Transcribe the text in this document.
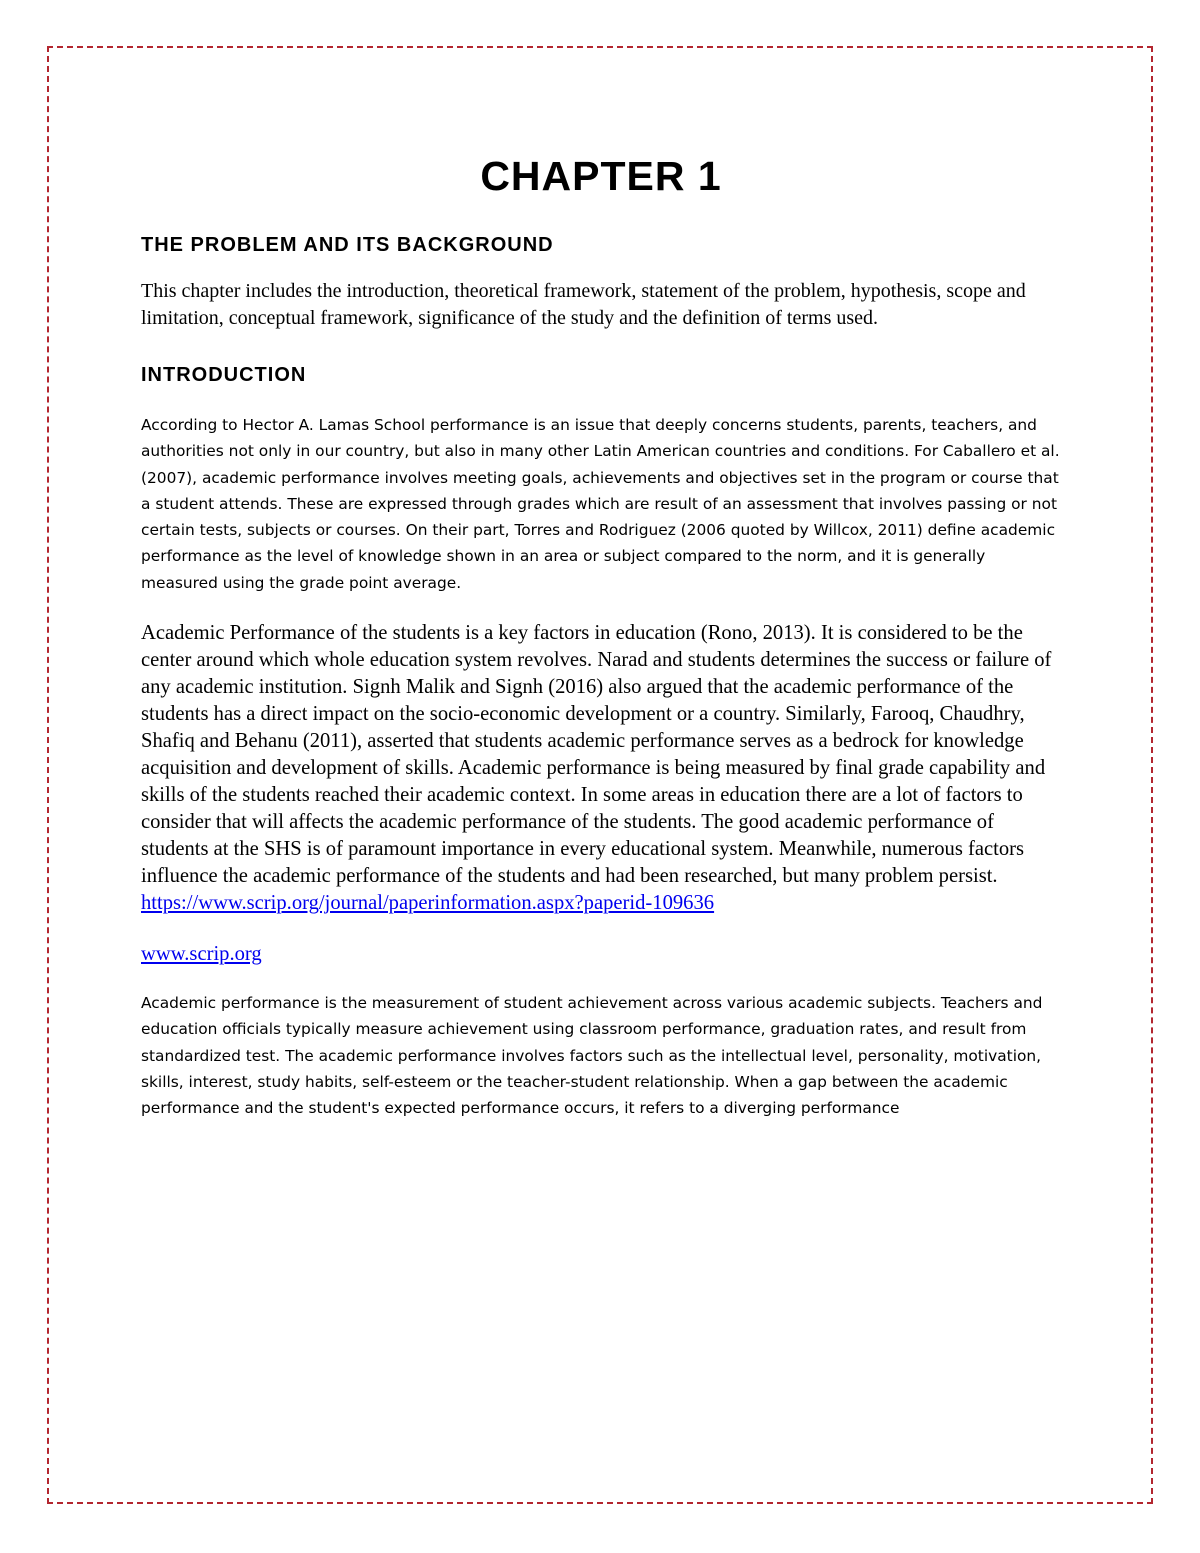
CHAPTER 1
THE PROBLEM AND ITS BACKGROUND

This chapter includes the introduction, theoretical framework, statement of the problem, hypothesis, scope and limitation, conceptual framework, significance of the study and the definition of terms used.

INTRODUCTION

According to Hector A. Lamas School performance is an issue that deeply concerns students, parents, teachers, and authorities not only in our country, but also in many other Latin American countries and conditions. For Caballero et al. (2007), academic performance involves meeting goals, achievements and objectives set in the program or course that a student attends. These are expressed through grades which are result of an assessment that involves passing or not certain tests, subjects or courses. On their part, Torres and Rodriguez (2006 quoted by Willcox, 2011) define academic performance as the level of knowledge shown in an area or subject compared to the norm, and it is generally measured using the grade point average.

Academic Performance of the students is a key factors in education (Rono, 2013). It is considered to be the center around which whole education system revolves. Narad and students determines the success or failure of any academic institution. Signh Malik and Signh (2016) also argued that the academic performance of the students has a direct impact on the socio-economic development or a country. Similarly, Farooq, Chaudhry, Shafiq and Behanu (2011), asserted that students academic performance serves as a bedrock for knowledge acquisition and development of skills. Academic performance is being measured by final grade capability and skills of the students reached their academic context. In some areas in education there are a lot of factors to consider that will affects the academic performance of the students. The good academic performance of students at the SHS is of paramount importance in every educational system. Meanwhile, numerous factors influence the academic performance of the students and had been researched, but many problem persist. https://www.scrip.org/journal/paperinformation.aspx?paperid-109636

www.scrip.org

Academic performance is the measurement of student achievement across various academic subjects. Teachers and education officials typically measure achievement using classroom performance, graduation rates, and result from standardized test. The academic performance involves factors such as the intellectual level, personality, motivation, skills, interest, study habits, self-esteem or the teacher-student relationship. When a gap between the academic performance and the student's expected performance occurs, it refers to a diverging performance
